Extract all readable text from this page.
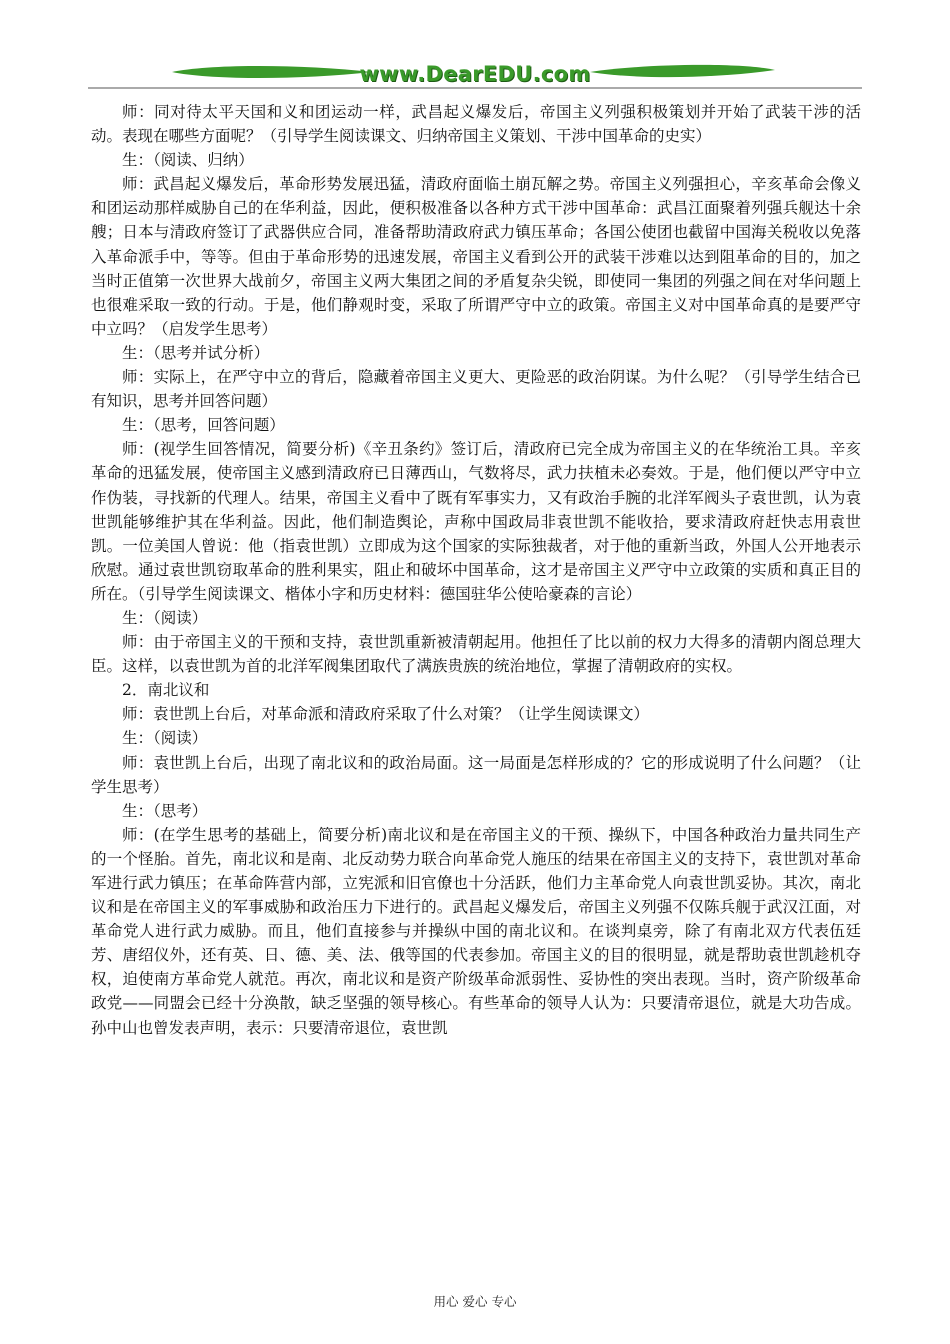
www.DearEDU.com

师：同对待太平天国和义和团运动一样，武昌起义爆发后，帝国主义列强积极策划并开始了武装干涉的活动。表现在哪些方面呢？（引导学生阅读课文、归纳帝国主义策划、干涉中国革命的史实）

生：（阅读、归纳）

师：武昌起义爆发后，革命形势发展迅猛，清政府面临土崩瓦解之势。帝国主义列强担心，辛亥革命会像义和团运动那样威胁自己的在华利益，因此，便积极准备以各种方式干涉中国革命：武昌江面聚着列强兵舰达十余艘；日本与清政府签订了武器供应合同，准备帮助清政府武力镇压革命；各国公使团也截留中国海关税收以免落入革命派手中，等等。但由于革命形势的迅速发展，帝国主义看到公开的武装干涉难以达到阻革命的目的，加之当时正值第一次世界大战前夕，帝国主义两大集团之间的矛盾复杂尖锐，即使同一集团的列强之间在对华问题上也很难采取一致的行动。于是，他们静观时变，采取了所谓严守中立的政策。帝国主义对中国革命真的是要严守中立吗？（启发学生思考）

生：（思考并试分析）

师：实际上，在严守中立的背后，隐藏着帝国主义更大、更险恶的政治阴谋。为什么呢？（引导学生结合已有知识，思考并回答问题）

生：（思考，回答问题）

师：(视学生回答情况，简要分析)《辛丑条约》签订后，清政府已完全成为帝国主义的在华统治工具。辛亥革命的迅猛发展，使帝国主义感到清政府已日薄西山，气数将尽，武力扶植未必奏效。于是，他们便以严守中立作伪装，寻找新的代理人。结果，帝国主义看中了既有军事实力，又有政治手腕的北洋军阀头子袁世凯，认为袁世凯能够维护其在华利益。因此，他们制造舆论，声称中国政局非袁世凯不能收拾，要求清政府赶快志用袁世凯。一位美国人曾说：他（指袁世凯）立即成为这个国家的实际独裁者，对于他的重新当政，外国人公开地表示欣慰。通过袁世凯窃取革命的胜利果实，阻止和破坏中国革命，这才是帝国主义严守中立政策的实质和真正目的所在。（引导学生阅读课文、楷体小字和历史材料：德国驻华公使哈豪森的言论）

生：（阅读）

师：由于帝国主义的干预和支持，袁世凯重新被清朝起用。他担任了比以前的权力大得多的清朝内阁总理大臣。这样，以袁世凯为首的北洋军阀集团取代了满族贵族的统治地位，掌握了清朝政府的实权。

2．南北议和

师：袁世凯上台后，对革命派和清政府采取了什么对策？（让学生阅读课文）

生：（阅读）

师：袁世凯上台后，出现了南北议和的政治局面。这一局面是怎样形成的？它的形成说明了什么问题？（让学生思考）

生：（思考）

师：(在学生思考的基础上，简要分析)南北议和是在帝国主义的干预、操纵下，中国各种政治力量共同生产的一个怪胎。首先，南北议和是南、北反动势力联合向革命党人施压的结果在帝国主义的支持下，袁世凯对革命军进行武力镇压；在革命阵营内部，立宪派和旧官僚也十分活跃，他们力主革命党人向袁世凯妥协。其次，南北议和是在帝国主义的军事威胁和政治压力下进行的。武昌起义爆发后，帝国主义列强不仅陈兵舰于武汉江面，对革命党人进行武力威胁。而且，他们直接参与并操纵中国的南北议和。在谈判桌旁，除了有南北双方代表伍廷芳、唐绍仪外，还有英、日、德、美、法、俄等国的代表参加。帝国主义的目的很明显，就是帮助袁世凯趁机夺权，迫使南方革命党人就范。再次，南北议和是资产阶级革命派弱性、妥协性的突出表现。当时，资产阶级革命政党——同盟会已经十分涣散，缺乏坚强的领导核心。有些革命的领导人认为：只要清帝退位，就是大功告成。孙中山也曾发表声明，表示：只要清帝退位，袁世凯

用心 爱心 专心
